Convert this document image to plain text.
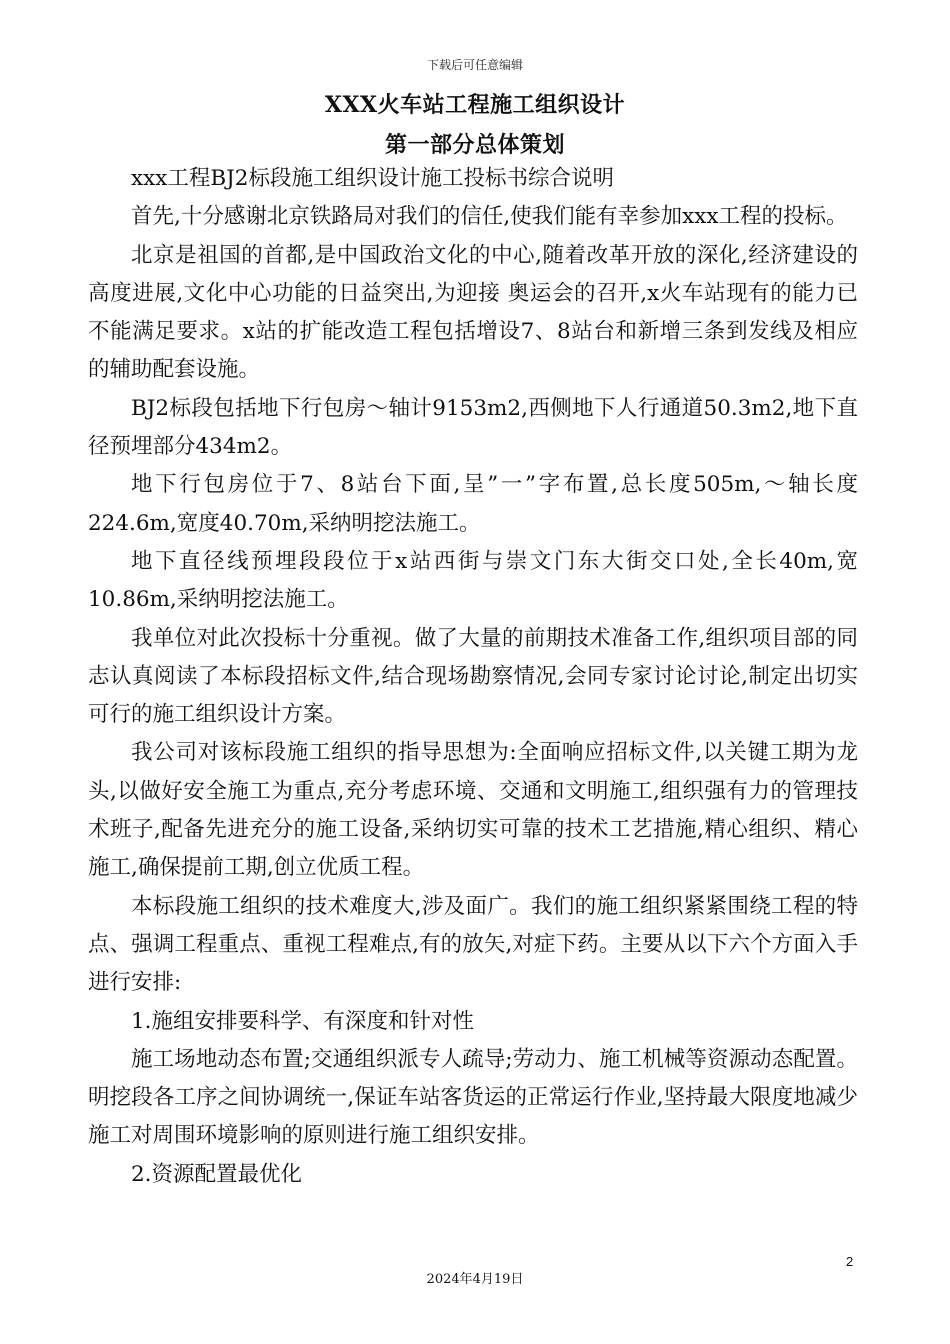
下载后可任意编辑
XXX火车站工程施工组织设计
第一部分总体策划

xxx工程BJ2标段施工组织设计施工投标书综合说明

首先,十分感谢北京铁路局对我们的信任,使我们能有幸参加xxx工程的投标。

北京是祖国的首都,是中国政治文化的中心,随着改革开放的深化,经济建设的高度进展,文化中心功能的日益突出,为迎接 奥运会的召开,x火车站现有的能力已不能满足要求。x站的扩能改造工程包括增设7、8站台和新增三条到发线及相应的辅助配套设施。

BJ2标段包括地下行包房～轴计9153m2,西侧地下人行通道50.3m2,地下直径预埋部分434m2。

地下行包房位于7、8站台下面,呈”一”字布置,总长度505m,～轴长度224.6m,宽度40.70m,采纳明挖法施工。

地下直径线预埋段段位于x站西街与崇文门东大街交口处,全长40m,宽10.86m,采纳明挖法施工。

我单位对此次投标十分重视。做了大量的前期技术准备工作,组织项目部的同志认真阅读了本标段招标文件,结合现场勘察情况,会同专家讨论讨论,制定出切实可行的施工组织设计方案。

我公司对该标段施工组织的指导思想为:全面响应招标文件,以关键工期为龙头,以做好安全施工为重点,充分考虑环境、交通和文明施工,组织强有力的管理技术班子,配备先进充分的施工设备,采纳切实可靠的技术工艺措施,精心组织、精心施工,确保提前工期,创立优质工程。

本标段施工组织的技术难度大,涉及面广。我们的施工组织紧紧围绕工程的特点、强调工程重点、重视工程难点,有的放矢,对症下药。主要从以下六个方面入手进行安排:

1.施组安排要科学、有深度和针对性

施工场地动态布置;交通组织派专人疏导;劳动力、施工机械等资源动态配置。明挖段各工序之间协调统一,保证车站客货运的正常运行作业,坚持最大限度地减少施工对周围环境影响的原则进行施工组织安排。

2.资源配置最优化

2
2024年4月19日
